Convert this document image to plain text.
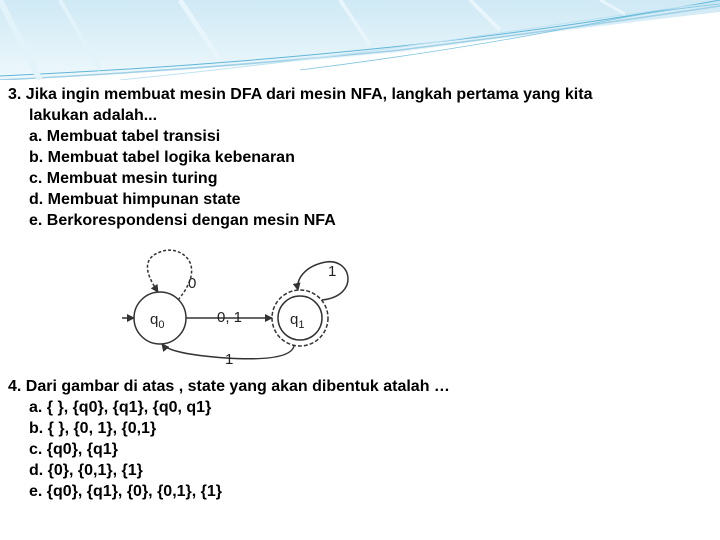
3. Jika ingin membuat mesin DFA dari mesin NFA, langkah pertama yang kita
lakukan adalah...
a. Membuat tabel transisi
b. Membuat tabel logika kebenaran
c. Membuat mesin turing
d. Membuat himpunan state
e. Berkorespondensi dengan mesin NFA
$q_0$
0
0, 1	$q_1$
1
1
4. Dari gambar di atas , state yang akan dibentuk atalah …
a. { }, {q0}, {q1}, {q0, q1}
b. { }, {0, 1}, {0,1}
c. {q0}, {q1}
d. {0}, {0,1}, {1}
e. {q0}, {q1}, {0}, {0,1}, {1}
